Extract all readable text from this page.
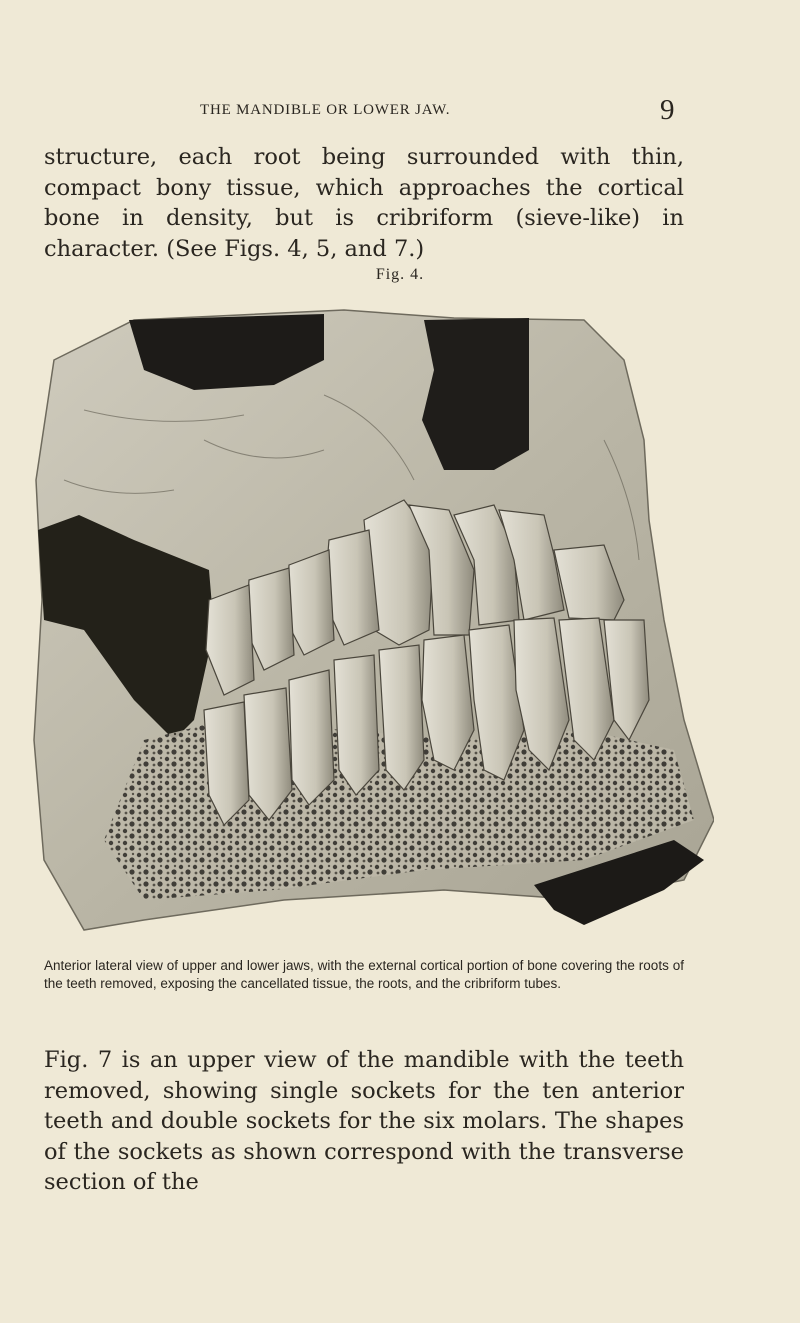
THE MANDIBLE OR LOWER JAW.	9

structure, each root being surrounded with thin, compact bony tissue, which approaches the cortical bone in density, but is cribriform (sieve-like) in character. (See Figs. 4, 5, and 7.)

Fig. 4.

Anterior lateral view of upper and lower jaws, with the external cortical portion of bone covering the roots of the teeth removed, exposing the cancellated tissue, the roots, and the cribriform tubes.

Fig. 7 is an upper view of the mandible with the teeth removed, showing single sockets for the ten anterior teeth and double sockets for the six molars. The shapes of the sockets as shown correspond with the transverse section of the
